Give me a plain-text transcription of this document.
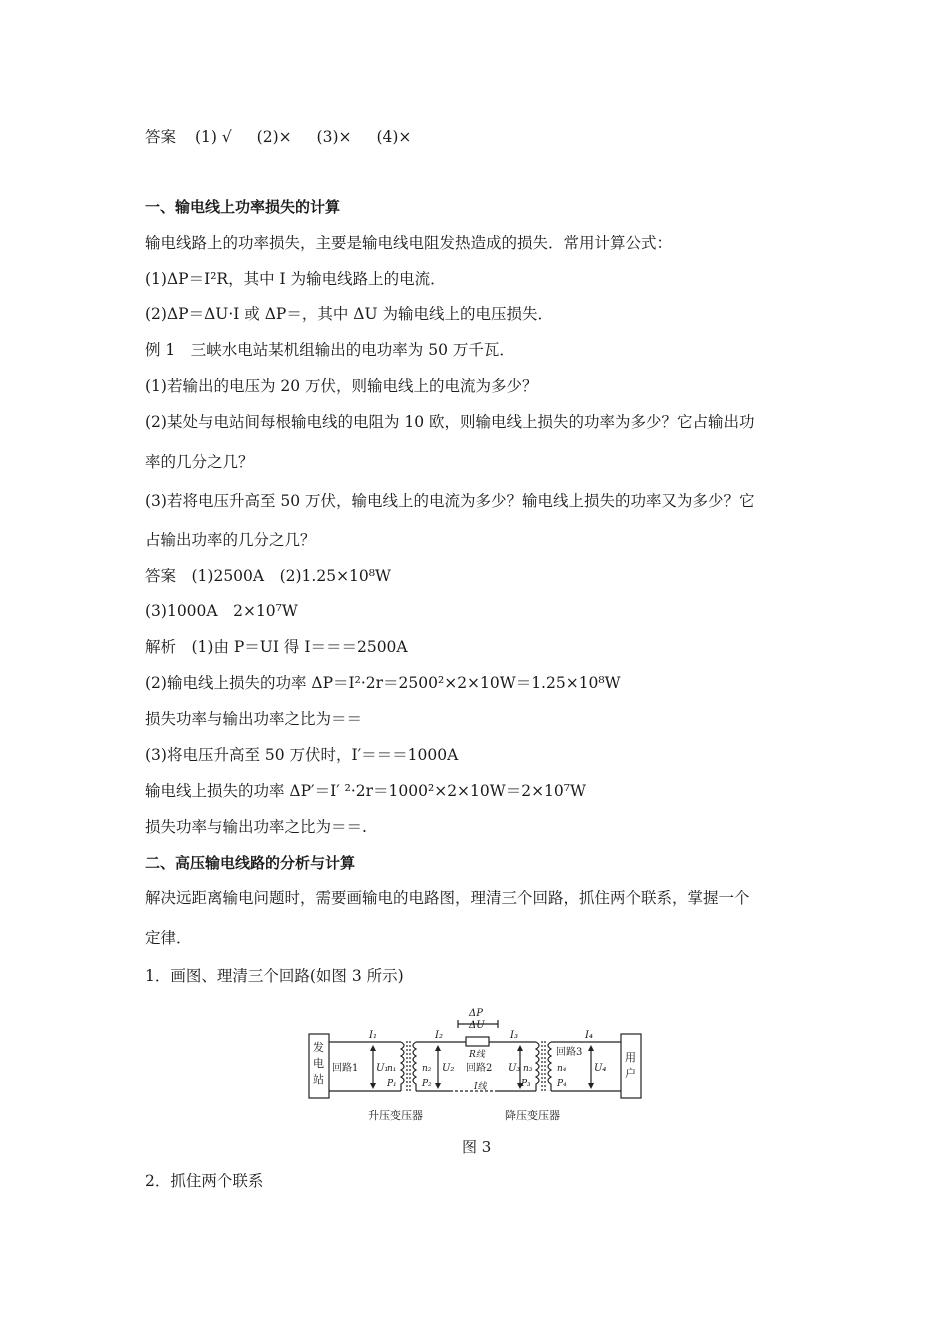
答案 (1) √ (2)× (3)× (4)×
一、输电线上功率损失的计算
输电线路上的功率损失，主要是输电线电阻发热造成的损失．常用计算公式：
(1)ΔP＝I²R，其中 I 为输电线路上的电流．
(2)ΔP＝ΔU·I 或 ΔP＝，其中 ΔU 为输电线上的电压损失．
例 1　三峡水电站某机组输出的电功率为 50 万千瓦．
(1)若输出的电压为 20 万伏，则输电线上的电流为多少？
(2)某处与电站间每根输电线的电阻为 10 欧，则输电线上损失的功率为多少？它占输出功
率的几分之几？
(3)若将电压升高至 50 万伏，输电线上的电流为多少？输电线上损失的功率又为多少？它
占输出功率的几分之几？
答案　(1)2500A　(2)1.25×10⁸W
(3)1000A　2×10⁷W
解析　(1)由 P＝UI 得 I＝＝＝2500A
(2)输电线上损失的功率 ΔP＝I²·2r＝2500²×2×10W＝1.25×10⁸W
损失功率与输出功率之比为＝＝
(3)将电压升高至 50 万伏时，I′＝＝＝1000A
输电线上损失的功率 ΔP′＝I′ ²·2r＝1000²×2×10W＝2×10⁷W
损失功率与输出功率之比为＝＝.
二、高压输电线路的分析与计算
解决远距离输电问题时，需要画输电的电路图，理清三个回路，抓住两个联系，掌握一个
定律．
1．画图、理清三个回路(如图 3 所示)
发
电
站
用
户
回路1	回路2
回路3
I₁	I₂	I₃	I₄
U₁	U₂	U₃	U₄
n₁	n₂	n₃	n₄
P₁	P₂	P₃	P₄
ΔP
ΔU
R线
I线
升压变压器	降压变压器
图 3
2．抓住两个联系
